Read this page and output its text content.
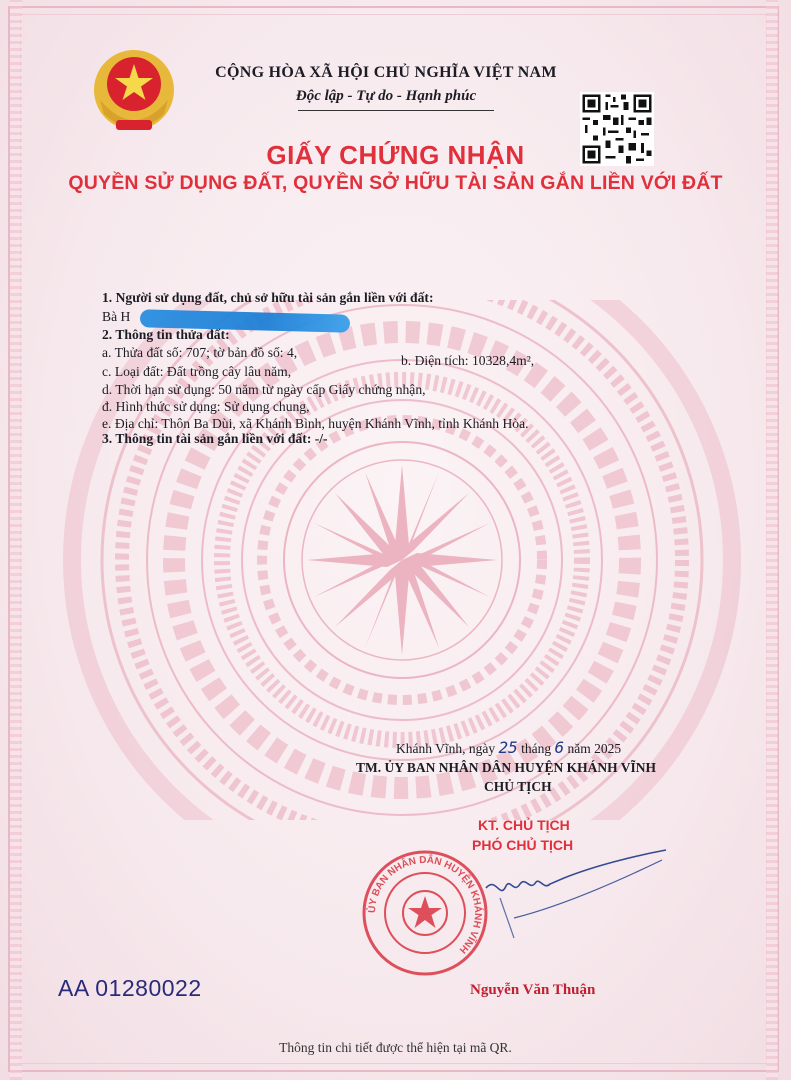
CỘNG HÒA XÃ HỘI CHỦ NGHĨA VIỆT NAM
Độc lập - Tự do - Hạnh phúc
GIẤY CHỨNG NHẬN
QUYỀN SỬ DỤNG ĐẤT, QUYỀN SỞ HỮU TÀI SẢN GẮN LIỀN VỚI ĐẤT
1. Người sử dụng đất, chủ sở hữu tài sản gắn liền với đất:
Bà H
2. Thông tin thửa đất:
a. Thửa đất số: 707; tờ bản đồ số: 4,
b. Diện tích: 10328,4m²,
c. Loại đất: Đất trồng cây lâu năm,
d. Thời hạn sử dụng: 50 năm từ ngày cấp Giấy chứng nhận,
đ. Hình thức sử dụng: Sử dụng chung,
e. Địa chỉ: Thôn Ba Dùi, xã Khánh Bình, huyện Khánh Vĩnh, tỉnh Khánh Hòa.
3. Thông tin tài sản gắn liền với đất: -/-
Khánh Vĩnh, ngày 25 tháng 6 năm 2025
TM. ỦY BAN NHÂN DÂN HUYỆN KHÁNH VĨNH
CHỦ TỊCH
KT. CHỦ TỊCH
PHÓ CHỦ TỊCH
ỦY BAN NHÂN DÂN HUYỆN KHÁNH VĨNH
AA 01280022	Nguyễn Văn Thuận
Thông tin chi tiết được thể hiện tại mã QR.
